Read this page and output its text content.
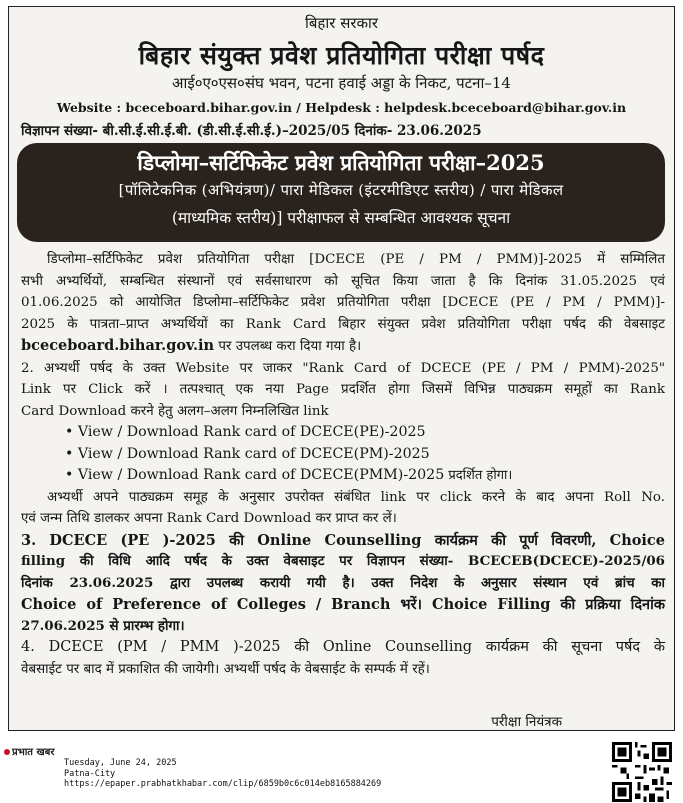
बिहार सरकार
बिहार संयुक्त प्रवेश प्रतियोगिता परीक्षा पर्षद
आई०ए०एस०संघ भवन, पटना हवाई अड्डा के निकट, पटना–14
Website : bceceboard.bihar.gov.in / Helpdesk : helpdesk.bceceboard@bihar.gov.in
विज्ञापन संख्या- बी.सी.ई.सी.ई.बी. (डी.सी.ई.सी.ई.)–2025/05 दिनांक- 23.06.2025
डिप्लोमा–सर्टिफिकेट प्रवेश प्रतियोगिता परीक्षा–2025
[पॉलिटेकनिक (अभियंत्रण)/ पारा मेडिकल (इंटरमीडिएट स्तरीय) / पारा मेडिकल
(माध्यमिक स्तरीय)] परीक्षाफल से सम्बन्धित आवश्यक सूचना

डिप्लोमा–सर्टिफिकेट प्रवेश प्रतियोगिता परीक्षा [DCECE (PE / PM / PMM)]-2025 में सम्मिलित

सभी अभ्यर्थियों, सम्बन्धित संस्थानों एवं सर्वसाधारण को सूचित किया जाता है कि दिनांक 31.05.2025 एवं

01.06.2025 को आयोजित डिप्लोमा–सर्टिफिकेट प्रवेश प्रतियोगिता परीक्षा [DCECE (PE / PM / PMM)]-

2025 के पात्रता–प्राप्त अभ्यर्थियों का Rank Card बिहार संयुक्त प्रवेश प्रतियोगिता परीक्षा पर्षद की वेबसाइट

bceceboard.bihar.gov.in पर उपलब्ध करा दिया गया है।

2. अभ्यर्थी पर्षद के उक्त Website पर जाकर "Rank Card of DCECE (PE / PM / PMM)-2025"

Link पर Click करें । तत्पश्चात् एक नया Page प्रदर्शित होगा जिसमें विभिन्न पाठ्यक्रम समूहों का Rank

Card Download करने हेतु अलग–अलग निम्नलिखित link

• View / Download Rank card of DCECE(PE)-2025

• View / Download Rank card of DCECE(PM)-2025

• View / Download Rank card of DCECE(PMM)-2025 प्रदर्शित होगा।

अभ्यर्थी अपने पाठ्यक्रम समूह के अनुसार उपरोक्त संबंधित link पर click करने के बाद अपना Roll No.

एवं जन्म तिथि डालकर अपना Rank Card Download कर प्राप्त कर लें।

3. DCECE (PE )-2025 की Online Counselling कार्यक्रम की पूर्ण विवरणी, Choice

filling की विधि आदि पर्षद के उक्त वेबसाइट पर विज्ञापन संख्या- BCECEB(DCECE)-2025/06

दिनांक 23.06.2025 द्वारा उपलब्ध करायी गयी है। उक्त निदेश के अनुसार संस्थान एवं ब्रांच का

Choice of Preference of Colleges / Branch भरें। Choice Filling की प्रक्रिया दिनांक

27.06.2025 से प्रारम्भ होगा।

4. DCECE (PM / PMM )-2025 की Online Counselling कार्यक्रम की सूचना पर्षद के

वेबसाईट पर बाद में प्रकाशित की जायेगी। अभ्यर्थी पर्षद के वेबसाईट के सम्पर्क में रहें।

परीक्षा नियंत्रक
प्रभात खबर
Tuesday, June 24, 2025
Patna-City
https://epaper.prabhatkhabar.com/clip/6859b0c6c014eb8165884269
